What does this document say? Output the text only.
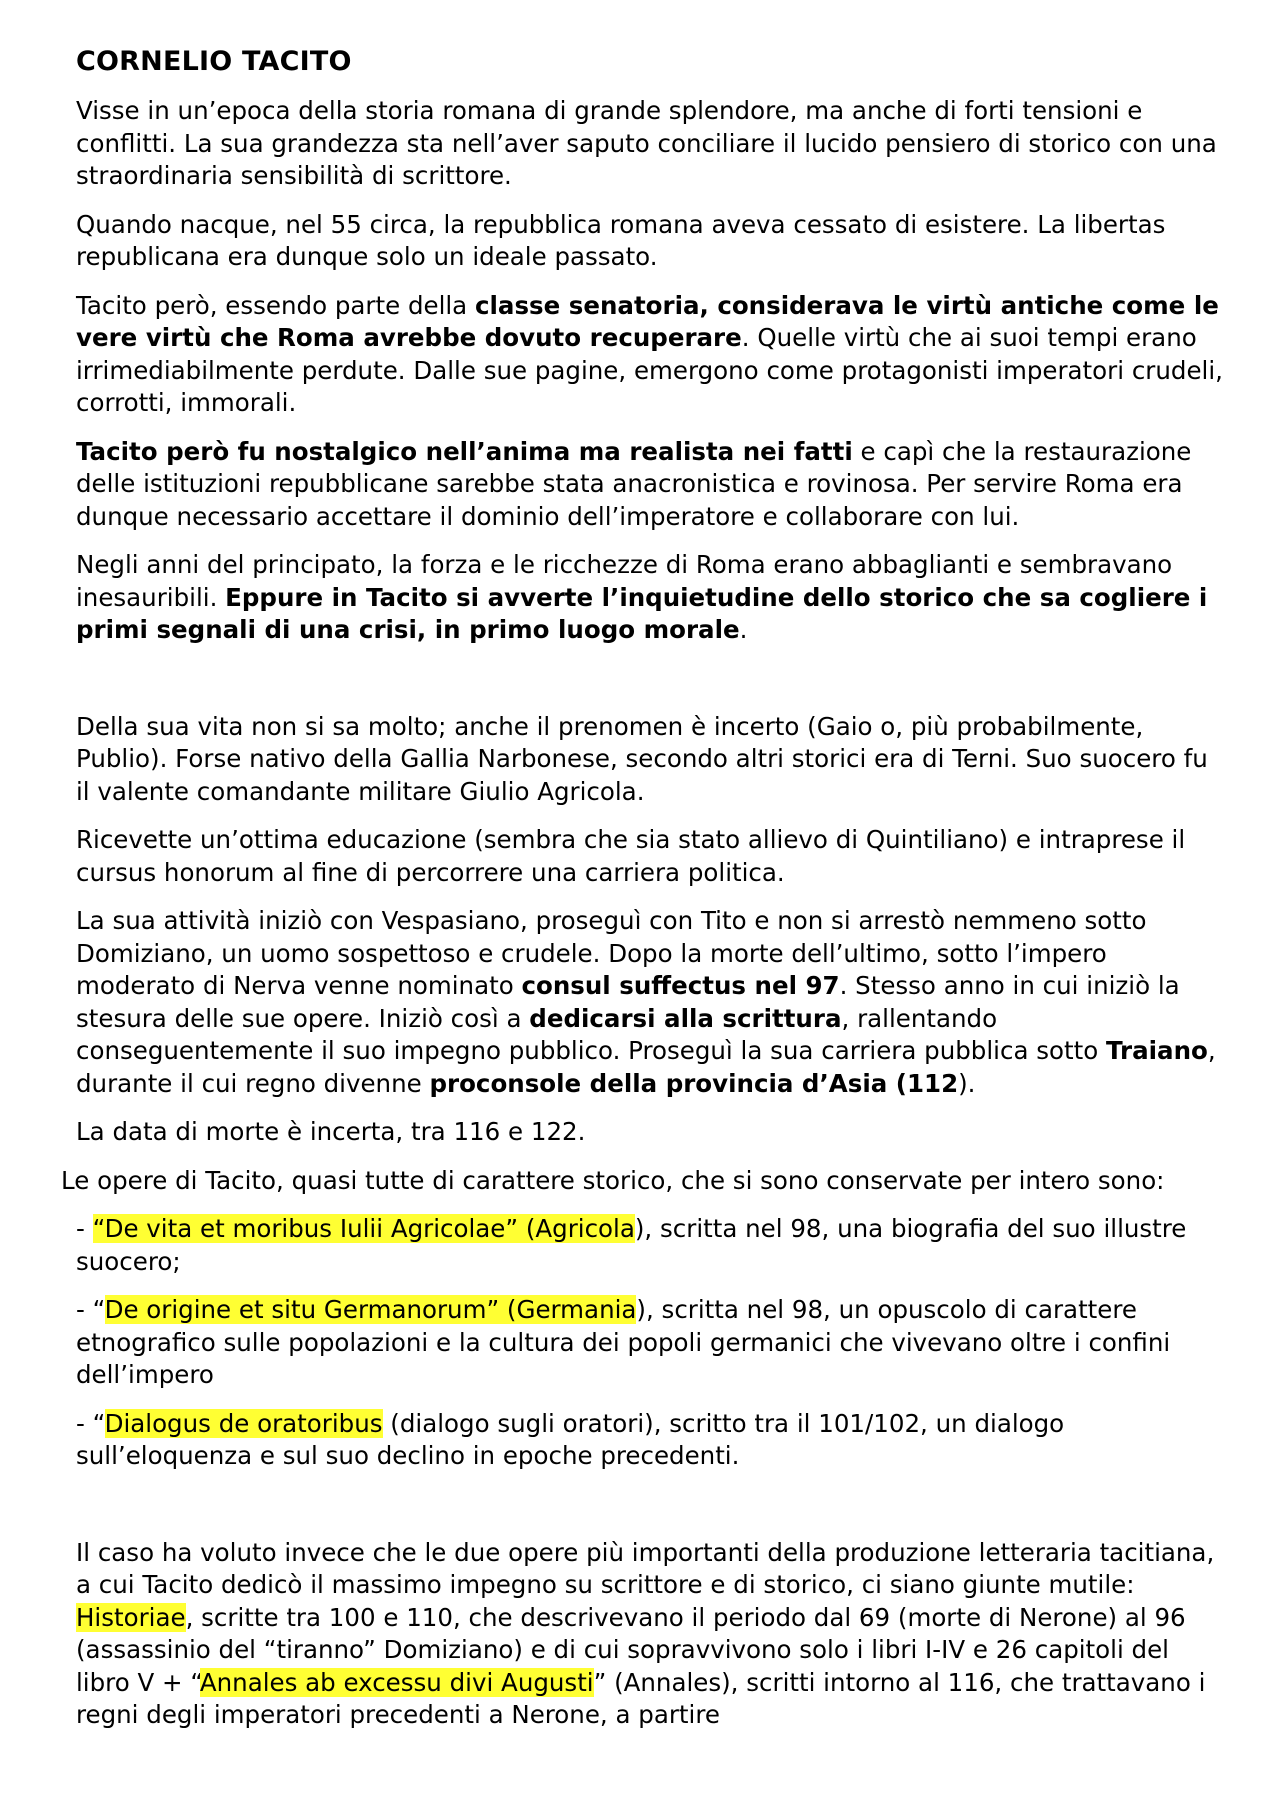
CORNELIO TACITO

Visse in un’epoca della storia romana di grande splendore, ma anche di forti tensioni e conflitti. La sua grandezza sta nell’aver saputo conciliare il lucido pensiero di storico con una straordinaria sensibilità di scrittore.

Quando nacque, nel 55 circa, la repubblica romana aveva cessato di esistere. La libertas republicana era dunque solo un ideale passato.

Tacito però, essendo parte della classe senatoria, considerava le virtù antiche come le vere virtù che Roma avrebbe dovuto recuperare. Quelle virtù che ai suoi tempi erano irrimediabilmente perdute. Dalle sue pagine, emergono come protagonisti imperatori crudeli, corrotti, immorali.

Tacito però fu nostalgico nell’anima ma realista nei fatti e capì che la restaurazione delle istituzioni repubblicane sarebbe stata anacronistica e rovinosa. Per servire Roma era dunque necessario accettare il dominio dell’imperatore e collaborare con lui.

Negli anni del principato, la forza e le ricchezze di Roma erano abbaglianti e sembravano inesauribili. Eppure in Tacito si avverte l’inquietudine dello storico che sa cogliere i primi segnali di una crisi, in primo luogo morale.

Della sua vita non si sa molto; anche il prenomen è incerto (Gaio o, più probabilmente, Publio). Forse nativo della Gallia Narbonese, secondo altri storici era di Terni. Suo suocero fu il valente comandante militare Giulio Agricola.

Ricevette un’ottima educazione (sembra che sia stato allievo di Quintiliano) e intraprese il cursus honorum al fine di percorrere una carriera politica.

La sua attività iniziò con Vespasiano, proseguì con Tito e non si arrestò nemmeno sotto Domiziano, un uomo sospettoso e crudele. Dopo la morte dell’ultimo, sotto l’impero moderato di Nerva venne nominato consul suffectus nel 97. Stesso anno in cui iniziò la stesura delle sue opere. Iniziò così a dedicarsi alla scrittura, rallentando conseguentemente il suo impegno pubblico. Proseguì la sua carriera pubblica sotto Traiano, durante il cui regno divenne proconsole della provincia d’Asia (112).

La data di morte è incerta, tra 116 e 122.

Le opere di Tacito, quasi tutte di carattere storico, che si sono conservate per intero sono:

- “De vita et moribus Iulii Agricolae” (Agricola), scritta nel 98, una biografia del suo illustre suocero;

- “De origine et situ Germanorum” (Germania), scritta nel 98, un opuscolo di carattere etnografico sulle popolazioni e la cultura dei popoli germanici che vivevano oltre i confini dell’impero

- “Dialogus de oratoribus (dialogo sugli oratori), scritto tra il 101/102, un dialogo sull’eloquenza e sul suo declino in epoche precedenti.

Il caso ha voluto invece che le due opere più importanti della produzione letteraria tacitiana, a cui Tacito dedicò il massimo impegno su scrittore e di storico, ci siano giunte mutile: Historiae, scritte tra 100 e 110, che descrivevano il periodo dal 69 (morte di Nerone) al 96 (assassinio del “tiranno” Domiziano) e di cui sopravvivono solo i libri I-IV e 26 capitoli del libro V + “Annales ab excessu divi Augusti” (Annales), scritti intorno al 116, che trattavano i regni degli imperatori precedenti a Nerone, a partire
